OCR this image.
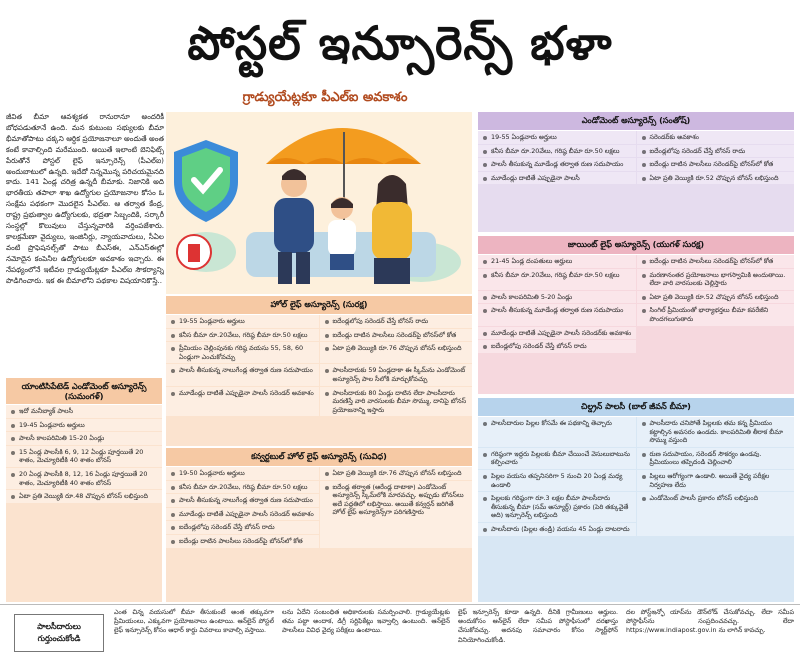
పోస్టల్ ఇన్సూరెన్స్ భళా
గ్రాడ్యుయేట్లకూ పీఎల్ఐ అవకాశం
జీవిత బీమా ఆవశ్యకత రానురానూ అందరికీ బోధపడుతూనే ఉంది. మన కుటుంబ సభ్యులకు బీమా భీమాతోపాటు చక్కని ఆర్థిక ప్రయోజనాలూ అందుతే అంత కంటే కావాల్సింది మరేముంది. అయితే ఇలాంటి బెనిఫిట్స్ పేరుతోనే పోస్టల్ లైఫ్ ఇన్సూరెన్స్ (పీఎల్ఐ) అందుబాటులో ఉన్నది. ఇదేదో నిన్నమొన్న పరిచయమైనది కాదు. 141 ఏండ్ల చరిత్ర ఉన్నదీ బీమాకు. నిజానికి అది భారతీయ తపాలా శాఖ ఉద్యోగుల ప్రయోజనాల కోసం ఓ సంక్షేమ పథకంగా మొదలైన పీఎల్ఐ. ఆ తర్వాత కేంద్ర, రాష్ట్ర ప్రభుత్వాల ఉద్యోగులకు, భద్రతా సిబ్బందికి, సర్కారీ సంస్థల్లో కొలువులు చేస్తున్నవారికి వర్తింపజేశారు. కాలక్రమేణా వైద్యులు, ఇంజినీర్లు, న్యాయవాదులు, సీఏల వంటి ప్రొఫెషనల్స్‌తో పాటు బీఎస్ఈ, ఎన్ఎస్ఈల్లో నమోదైన కంపెనీల ఉద్యోగులకూ అవకాశం ఇచ్చారు. ఈ నేపథ్యంలోనే ఇటీవల గ్రాడ్యుయేట్లకూ పీఎల్ఐ సౌకర్యాన్ని పొడిగించారు. ఇక ఈ బీమాలోని పథకాల విషయానికొస్తే..
హోల్ లైఫ్ అస్యూరెన్స్ (సురక్ష)
19-55 ఏండ్లవారు అర్హులు
కనీస బీమా రూ.20వేలు, గరిష్ఠ బీమా రూ.50 లక్షలు
ప్రీమియం చెల్లింపునకు గరిష్ఠ వయసు 55, 58, 60 ఏండ్లుగా ఎంచుకోవచ్చు
పాలసీ తీసుకున్న నాలుగేండ్ల తర్వాత రుణ సదుపాయం
మూడేండ్లు దాటితే ఎప్పుడైనా పాలసీ సరెండర్ అవకాశం
ఐదేండ్లలోపు సరెండర్ చేస్తే బోనస్ రాదు
ఐదేండ్లు దాటిన పాలసీలు సరెండర్‌పై బోనస్‌లో కోత
ఏటా ప్రతి వెయ్యికి రూ.76 చొప్పున బోనస్ లభిస్తుంది
పాలసీదారుకు 59 ఏండ్లదాకా ఈ స్కీమ్‌ను ఎండోమెంట్ అస్యూరెన్స్ పాల సీలోకి మార్చుకోవచ్చు
పాలసీదారుకు 80 ఏండ్లు దాటిన లేదా పాలసీదారు మరణిస్తే వారి వారసులకు బీమా సొమ్ము, దానిపై బోనస్ ప్రయోజనాన్ని ఇస్తారు
కన్వర్టబుల్ హోల్ లైఫ్ అస్యూరెన్స్ (సువిధ)
19-50 ఏండ్లవారు అర్హులు
కనీస బీమా రూ.20వేలు, గరిష్ఠ బీమా రూ.50 లక్షలు
పాలసీ తీసుకున్న నాలుగేండ్ల తర్వాత రుణ సదుపాయం
మూడేండ్లు దాటితే ఎప్పుడైనా పాలసీ సరెండర్ అవకాశం
ఐదేండ్లలోపు సరెండర్ చేస్తే బోనస్ రాదు
ఐదేండ్లు దాటిన పాలసీలు సరెండర్‌పై బోనస్‌లో కోత
ఏటా ప్రతి వెయ్యికి రూ.76 చొప్పున బోనస్ లభిస్తుంది
ఐదేండ్ల తర్వాత (ఆరేండ్ల దాటాకా) ఎండోమెంట్ అస్యూరెన్స్ స్కీమ్‌లోకి మారవచ్చు. అప్పుడు బోనస్‌లు అదే పద్ధతిలో లభిస్తాయి. అయితే కన్వర్షన్ జరిగితే హోల్ లైఫ్ అస్యూరెన్స్‌గా పరిగణిస్తారు
యాంటిసిపేటెడ్ ఎండోమెంట్ అస్యూరెన్స్ (సుమంగళ్)
ఇదో మనీబ్యాక్ పాలసీ
19-45 ఏండ్లవారు అర్హులు
పాలసీ కాలపరిమితి 15-20 ఏండ్లు
15 ఏండ్ల పాలసీకి 6, 9, 12 ఏండ్లు పూర్తయితే 20 శాతం, మెచ్యూరిటీకి 40 శాతం బోనస్
20 ఏండ్ల పాలసీకి 8, 12, 16 ఏండ్లు పూర్తయితే 20 శాతం, మెచ్యూరిటీకి 40 శాతం బోనస్
ఏటా ప్రతి వెయ్యికి రూ.48 చొప్పున బోనస్ లభిస్తుంది
ఎండోమెంట్ అస్యూరెన్స్ (సంతోష్)
19-55 ఏండ్లవారు అర్హులు
కనీస బీమా రూ.20వేలు, గరిష్ఠ బీమా రూ.50 లక్షలు
పాలసీ తీసుకున్న మూడేండ్ల తర్వాత రుణ సదుపాయం
మూడేండ్లు దాటితే ఎప్పుడైనా పాలసీ
సరెండర్‌కు అవకాశం
ఐదేండ్లలోపు సరెండర్ చేస్తే బోనస్ రాదు
ఐదేండ్లు దాటిన పాలసీలు సరెండర్‌పై బోనస్‌లో కోత
ఏటా ప్రతి వెయ్యికి రూ.52 చొప్పున బోనస్ లభిస్తుంది
జాయింట్ లైఫ్ అస్యూరెన్స్ (యుగళ్ సురక్ష)
21-45 ఏండ్ల దంపతులు అర్హులు
కనీస బీమా రూ.20వేలు, గరిష్ఠ బీమా రూ.50 లక్షలు
పాలసీ కాలపరిమితి 5-20 ఏండ్లు
పాలసీ తీసుకున్న మూడేండ్ల తర్వాత రుణ సదుపాయం
మూడేండ్లు దాటితే ఎప్పుడైనా పాలసీ సరెండర్‌కు అవకాశం
ఐదేండ్లలోపు సరెండర్ చేస్తే బోనస్ రాదు
ఐదేండ్లు దాటిన పాలసీలు సరెండర్‌పై బోనస్‌లో కోత
మరణానంతర ప్రయోజనాలు భాగస్వామికి అందుతాయి. లేదా వారి వారసులకు చెల్లిస్తారు
ఏటా ప్రతి వెయ్యికి రూ.52 చొప్పున బోనస్ లభిస్తుంది
సింగిల్ ప్రీమియంతో భార్యాభర్తలు బీమా కవరేజీని పొందగలుగుతారు
చిల్డ్రన్ పాలసీ (బాల్ జీవన్ బీమా)
పాలసీదారుల పిల్లల కోసమే ఈ పథకాన్ని తెచ్చారు
గరిష్ఠంగా ఇద్దరు పిల్లలకు బీమా చేయించే వెసులుబాటును కల్పించారు
పిల్లల వయసు తప్పనిసరిగా 5 నుంచి 20 ఏండ్ల మధ్య ఉండాలి
పిల్లలకు గరిష్ఠంగా రూ.3 లక్షల బీమా పాలసీదారు తీసుకున్న బీమా (సమ్ అస్యూర్డ్) ప్రకారం (పెరి తక్కువైతే అది) ఇన్సూరెన్స్ లభిస్తుంది
పాలసీదారు (పిల్లల తండ్రి) వయసు 45 ఏండ్లు దాటరాదు
పాలసీదారు చనిపోతే పిల్లలకు తమ కన్న ప్రీమియం కట్టాల్సిన అవసరం ఉండదు. కాలపరిమితి తీరాక బీమా సొమ్ము వస్తుంది
రుణ సదుపాయం, సరెండర్ సౌకర్యం ఉండవు. ప్రీమియంలు తప్పిదండి చెల్లించాలి
పిల్లలు ఆరోగ్యంగా ఉండాలి. అయితే వైద్య పరీక్షల నిర్వహణ లేదు
ఎండోమెంట్ పాలసీ ప్రకారం బోనస్ లభిస్తుంది
పాలసీదారులు గుర్తుంచుకోండి
ఎంత చిన్న వయసులో బీమా తీసుకుంటే అంత తక్కువగా ప్రీమియంలు, ఎక్కువగా ప్రయోజనాలు ఉంటాయి. ఆన్‌లైన్ పోస్టల్ లైఫ్ ఇన్సూరెన్స్ కోసం ఆధార్ కార్డు వివరాలు కావాల్సి వస్తాయి.
లను ఏదేని సంబంధిత అధికారులకు సమర్పించాలి. గ్రాడ్యుయేట్లకు తమ పట్టా అందాక, డిగ్రీ సర్టిఫికేట్లు ఇవ్వాల్సి ఉంటుంది. ఆన్‌లైన్ పాలసీలు వివిధ వైద్య పరీక్షలు ఉంటాయి.
లైఫ్ ఇన్సూరెన్స్ కూడా ఉన్నది. దీనికి గ్రామీణులు అర్హులు. అందుకోసం ఆన్‌లైన్ లేదా సమీప పోస్టాఫీసులో దరఖాస్తు చేసుకోవచ్చు. అదనపు సమాచారం కోసం స్మార్ట్‌ఫోన్ వినియోగించుకోండి.
దల పోస్ట్‌ఇన్ఫో యాప్‌ను డౌన్‌లోడ్ చేసుకోవచ్చు. లేదా సమీప పోస్టాఫీస్‌ను సంప్రదించవచ్చు. లేదా https://www.indiapost.gov.in ను లాగిన్ కావచ్చు.
